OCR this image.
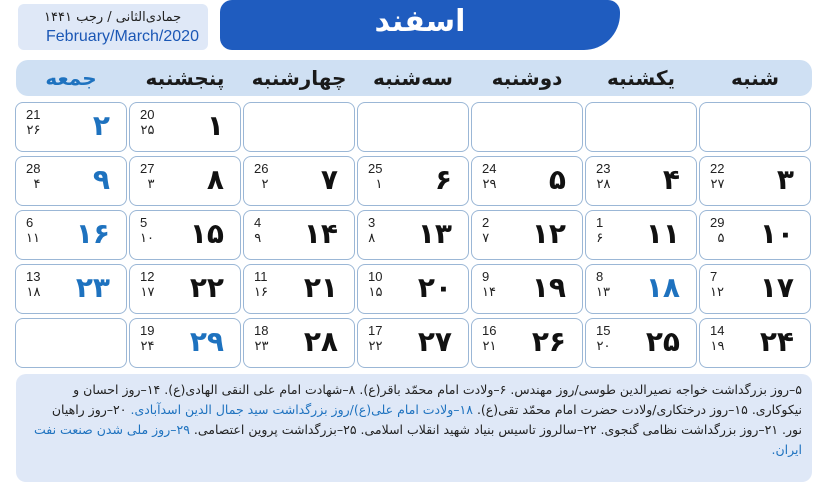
جمادی‌الثانی / رجب ۱۴۴۱
February/March/2020	اسفند
شنبه
یکشنبه
دوشنبه
سه‌شنبه
چهارشنبه
پنجشنبه
جمعه
20
۲۵ ۱
21
۲۶ ۲
22
۲۷ ۳
23
۲۸ ۴
24
۲۹ ۵
25
۱ ۶
26
۲ ۷
27
۳ ۸
28
۴ ۹
29
۵ ۱۰
1
۶ ۱۱
2
۷ ۱۲
3
۸ ۱۳
4
۹ ۱۴
5
۱۰ ۱۵
6
۱۱ ۱۶
7
۱۲ ۱۷
8
۱۳ ۱۸
9
۱۴ ۱۹
10
۱۵ ۲۰
11
۱۶ ۲۱
12
۱۷ ۲۲
13
۱۸ ۲۳
14
۱۹ ۲۴
15
۲۰ ۲۵
16
۲۱ ۲۶
17
۲۲ ۲۷
18
۲۳ ۲۸
19
۲۴ ۲۹
۵–روز بزرگداشت خواجه نصیرالدین طوسی/روز مهندس. ۶–ولادت امام محمّد باقر(ع). ۸–شهادت امام علی النقی الهادی(ع). ۱۴–روز احسان و نیکوکاری. ۱۵–روز درختکاری/ولادت حضرت امام محمّد تقی(ع). ۱۸–ولادت امام علی(ع)/روز بزرگداشت سید جمال الدین اسدآبادی. ۲۰–روز راهیان نور. ۲۱–روز بزرگداشت نظامی گنجوی. ۲۲–سالروز تاسیس بنیاد شهید انقلاب اسلامی. ۲۵–بزرگداشت پروین اعتصامی. ۲۹–روز ملی شدن صنعت نفت ایران.
